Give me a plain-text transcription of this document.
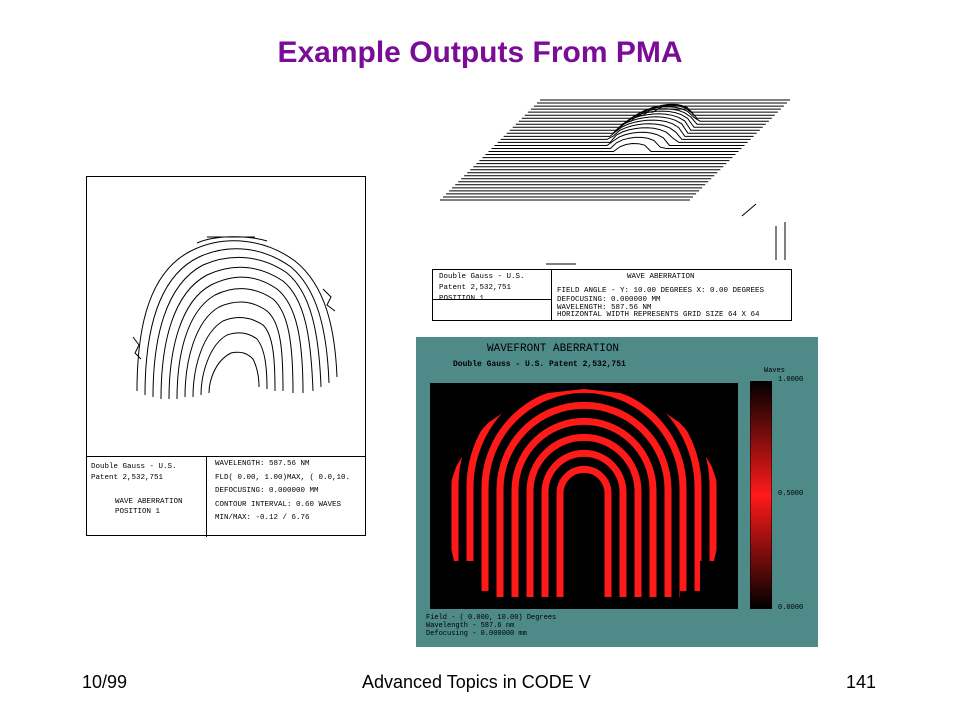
Example Outputs From PMA
Double Gauss - U.S.
Patent 2,532,751
WAVE ABERRATION
POSITION 1
WAVELENGTH: 587.56 NM
FLD( 0.00, 1.00)MAX, ( 0.0,10.
DEFOCUSING: 0.000000 MM
CONTOUR INTERVAL: 0.60 WAVES
MIN/MAX: -0.12 / 6.76
Double Gauss - U.S.
Patent 2,532,751
POSITION 1
WAVE ABERRATION
FIELD ANGLE - Y: 10.00 DEGREES X: 0.00 DEGREES
DEFOCUSING: 0.000000 MM
WAVELENGTH: 587.56 NM
HORIZONTAL WIDTH REPRESENTS GRID SIZE 64 X 64
WAVEFRONT ABERRATION
Double Gauss - U.S. Patent 2,532,751
Waves
1.0000
0.5000
0.0000
Field - ( 0.000, 10.00) Degrees
Wavelength - 587.6 nm
Defocusing - 0.000000 mm
10/99	Advanced Topics in CODE V	141
